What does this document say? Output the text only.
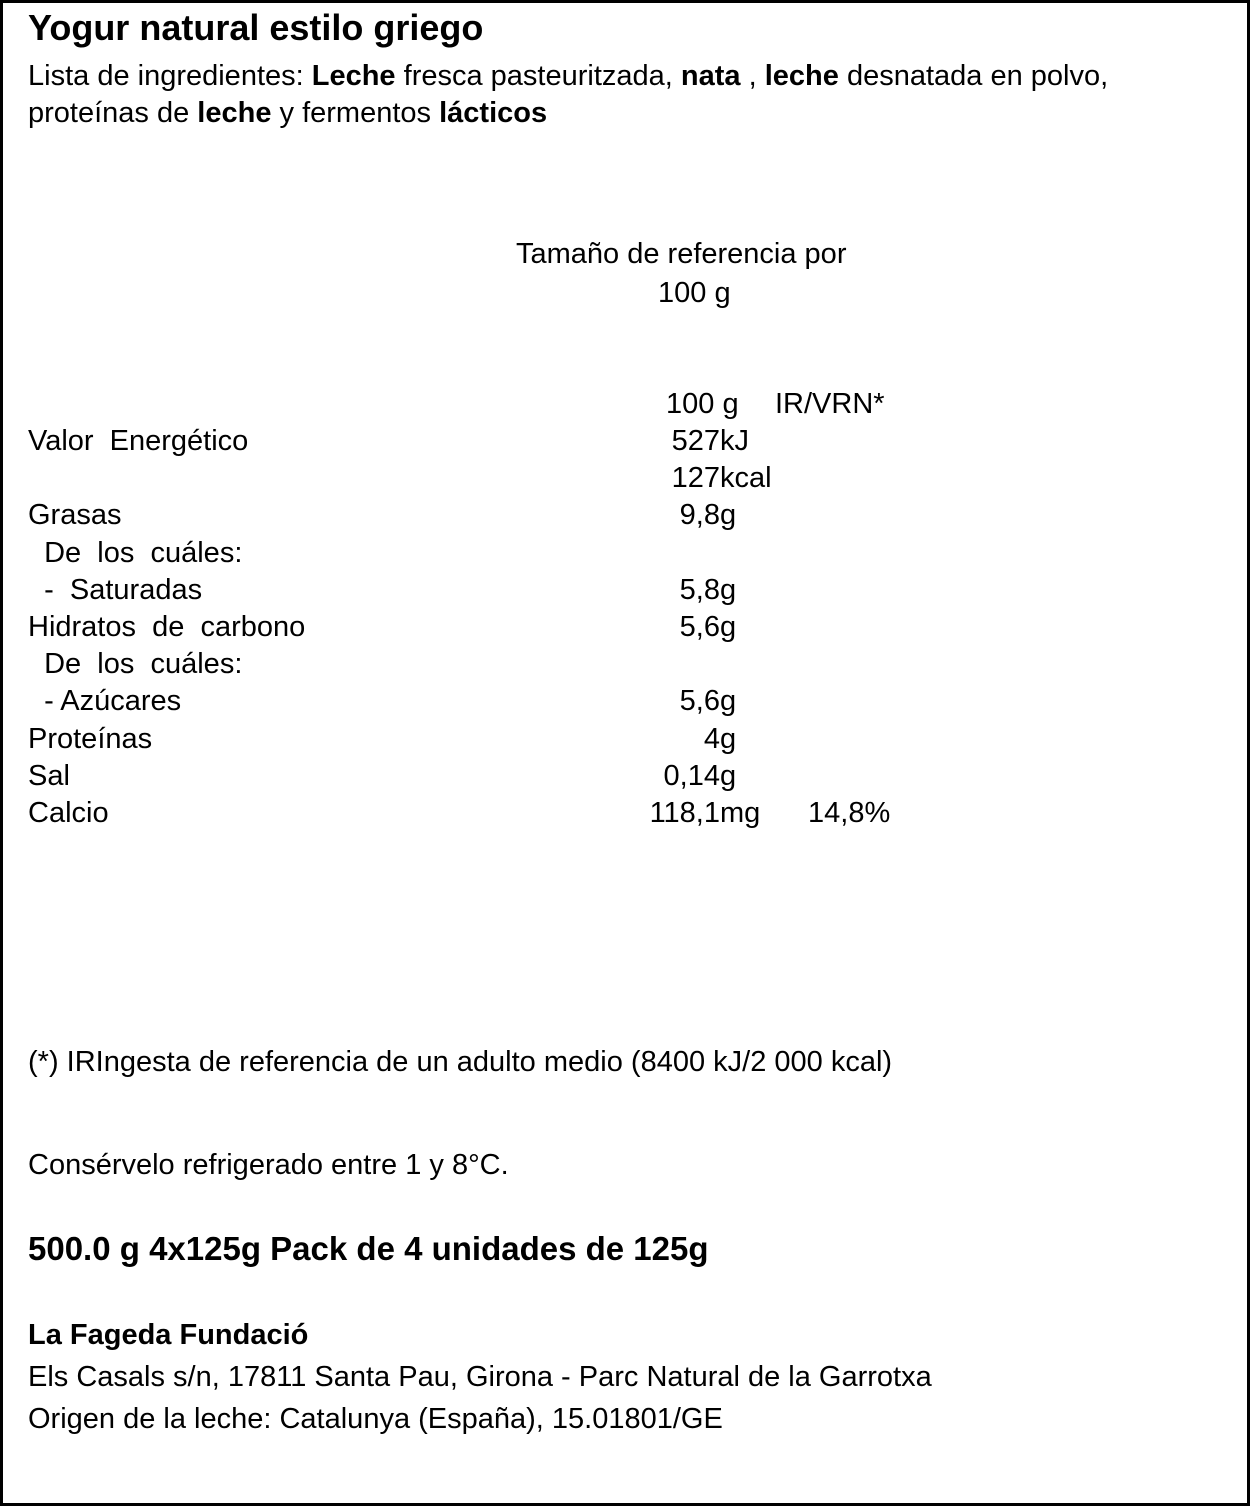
Yogur natural estilo griego
Lista de ingredientes: Leche fresca pasteuritzada, nata , leche desnatada en polvo, proteínas de leche y fermentos lácticos
Tamaño de referencia por
100 g
100 g IR/VRN*
Valor  Energético	527 kJ
127 kcal
Grasas	9,8 g
De  los  cuáles:
-  Saturadas	5,8 g
Hidratos  de  carbono	5,6 g
De  los  cuáles:
- Azúcares	5,6 g
Proteínas	4 g
Sal	0,14 g
Calcio	118,1 mg 14,8%
(*) IRIngesta de referencia de un adulto medio (8400 kJ/2 000 kcal)
Consérvelo refrigerado entre 1 y 8°C.
500.0 g 4x125g Pack de 4 unidades de 125g
La Fageda Fundació
Els Casals s/n, 17811 Santa Pau, Girona - Parc Natural de la Garrotxa
Origen de la leche: Catalunya (España), 15.01801/GE
